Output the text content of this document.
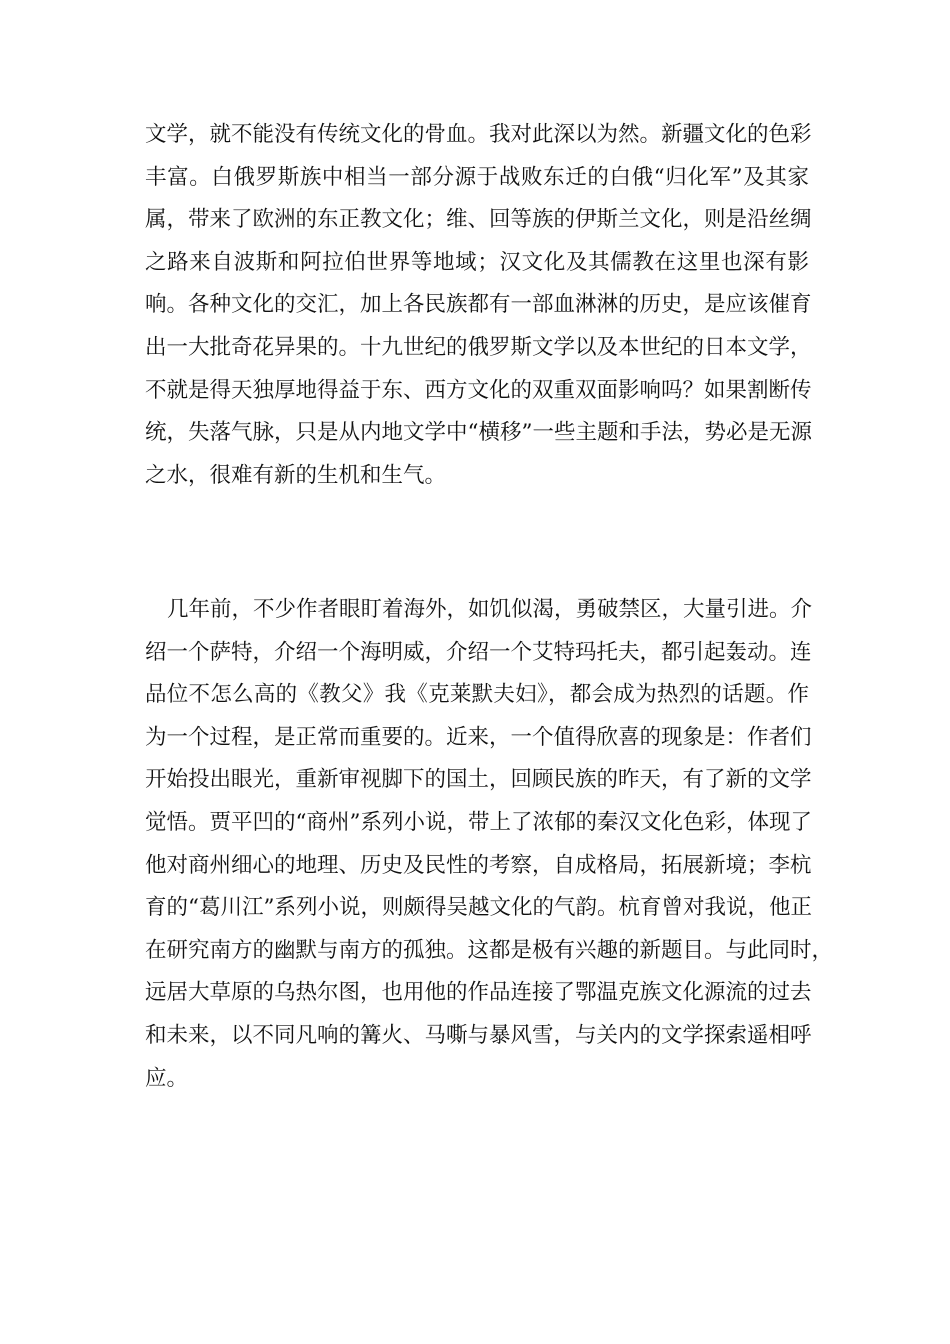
文学，就不能没有传统文化的骨血。我对此深以为然。新疆文化的色彩
丰富。白俄罗斯族中相当一部分源于战败东迁的白俄“归化军”及其家
属，带来了欧洲的东正教文化；维、回等族的伊斯兰文化，则是沿丝绸
之路来自波斯和阿拉伯世界等地域；汉文化及其儒教在这里也深有影
响。各种文化的交汇，加上各民族都有一部血淋淋的历史，是应该催育
出一大批奇花异果的。十九世纪的俄罗斯文学以及本世纪的日本文学，
不就是得天独厚地得益于东、西方文化的双重双面影响吗？如果割断传
统，失落气脉，只是从内地文学中“横移”一些主题和手法，势必是无源
之水，很难有新的生机和生气。
几年前，不少作者眼盯着海外，如饥似渴，勇破禁区，大量引进。介
绍一个萨特，介绍一个海明威，介绍一个艾特玛托夫，都引起轰动。连
品位不怎么高的《教父》我《克莱默夫妇》，都会成为热烈的话题。作
为一个过程，是正常而重要的。近来，一个值得欣喜的现象是：作者们
开始投出眼光，重新审视脚下的国土，回顾民族的昨天，有了新的文学
觉悟。贾平凹的“商州”系列小说，带上了浓郁的秦汉文化色彩，体现了
他对商州细心的地理、历史及民性的考察，自成格局，拓展新境；李杭
育的“葛川江”系列小说，则颇得吴越文化的气韵。杭育曾对我说，他正
在研究南方的幽默与南方的孤独。这都是极有兴趣的新题目。与此同时，
远居大草原的乌热尔图，也用他的作品连接了鄂温克族文化源流的过去
和未来，以不同凡响的篝火、马嘶与暴风雪，与关内的文学探索遥相呼
应。
